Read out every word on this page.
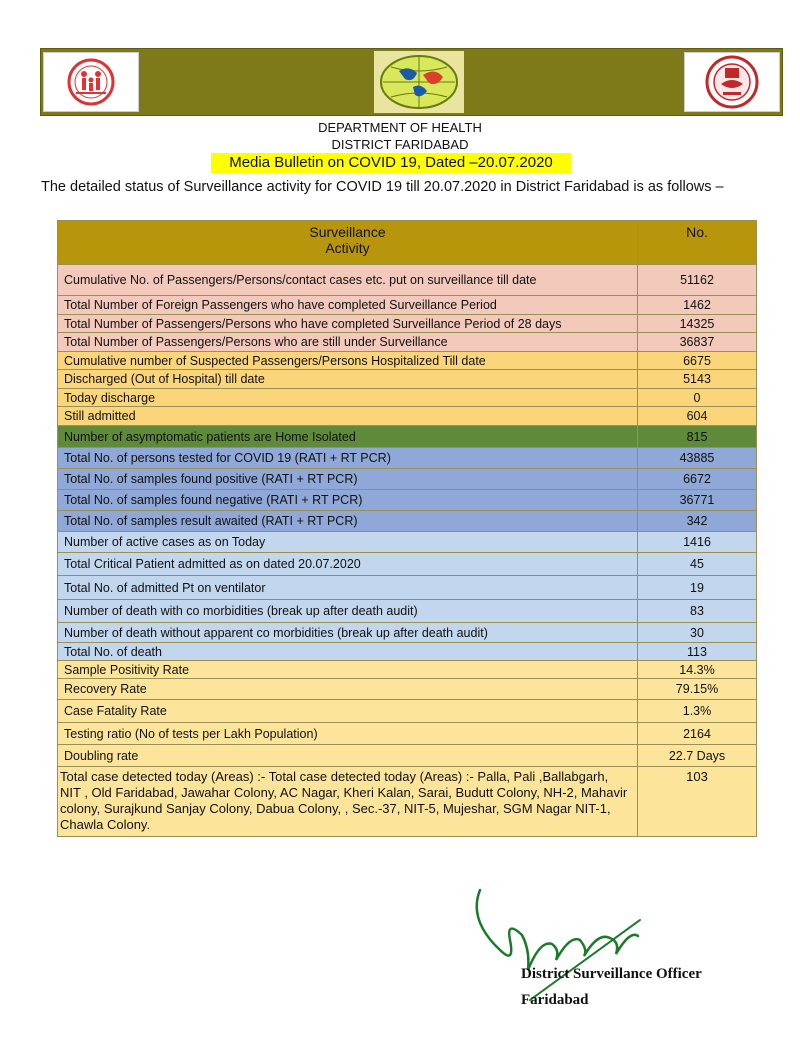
DEPARTMENT OF HEALTH
DISTRICT FARIDABAD
Media Bulletin on COVID 19, Dated –20.07.2020
The detailed status of Surveillance activity for COVID 19 till 20.07.2020 in District Faridabad is as follows –
Surveillance
Activity	No.
Cumulative No. of Passengers/Persons/contact cases etc. put on surveillance till date	51162
Total Number of Foreign Passengers who have completed Surveillance Period	1462
Total Number of Passengers/Persons who have completed Surveillance Period of 28 days	14325
Total Number of Passengers/Persons who are still under Surveillance	36837
Cumulative number of Suspected Passengers/Persons Hospitalized Till date	6675
Discharged (Out of Hospital) till date	5143
Today discharge	0
Still admitted	604
Number of asymptomatic patients are Home Isolated	815
Total No. of persons tested for COVID 19 (RATI + RT PCR)	43885
Total No. of samples found positive (RATI + RT PCR)	6672
Total No. of samples found negative (RATI + RT PCR)	36771
Total No. of samples result awaited (RATI + RT PCR)	342
Number of active cases as on Today	1416
Total Critical Patient admitted as on dated 20.07.2020	45
Total No. of admitted Pt on ventilator	19
Number of death with co morbidities (break up after death audit)	83
Number of death without apparent co morbidities (break up after death audit)	30
Total No. of death	113
Sample Positivity Rate	14.3%
Recovery Rate	79.15%
Case Fatality Rate	1.3%
Testing ratio (No of tests per Lakh Population)	2164
Doubling rate	22.7 Days
Total case detected today (Areas) :- Total case detected today (Areas) :- Palla, Pali ,Ballabgarh, NIT , Old Faridabad, Jawahar Colony, AC Nagar, Kheri Kalan, Sarai, Budutt Colony, NH-2, Mahavir colony, Surajkund Sanjay Colony, Dabua Colony, , Sec.-37, NIT-5, Mujeshar, SGM Nagar NIT-1, Chawla Colony.	103
District Surveillance Officer
Faridabad
